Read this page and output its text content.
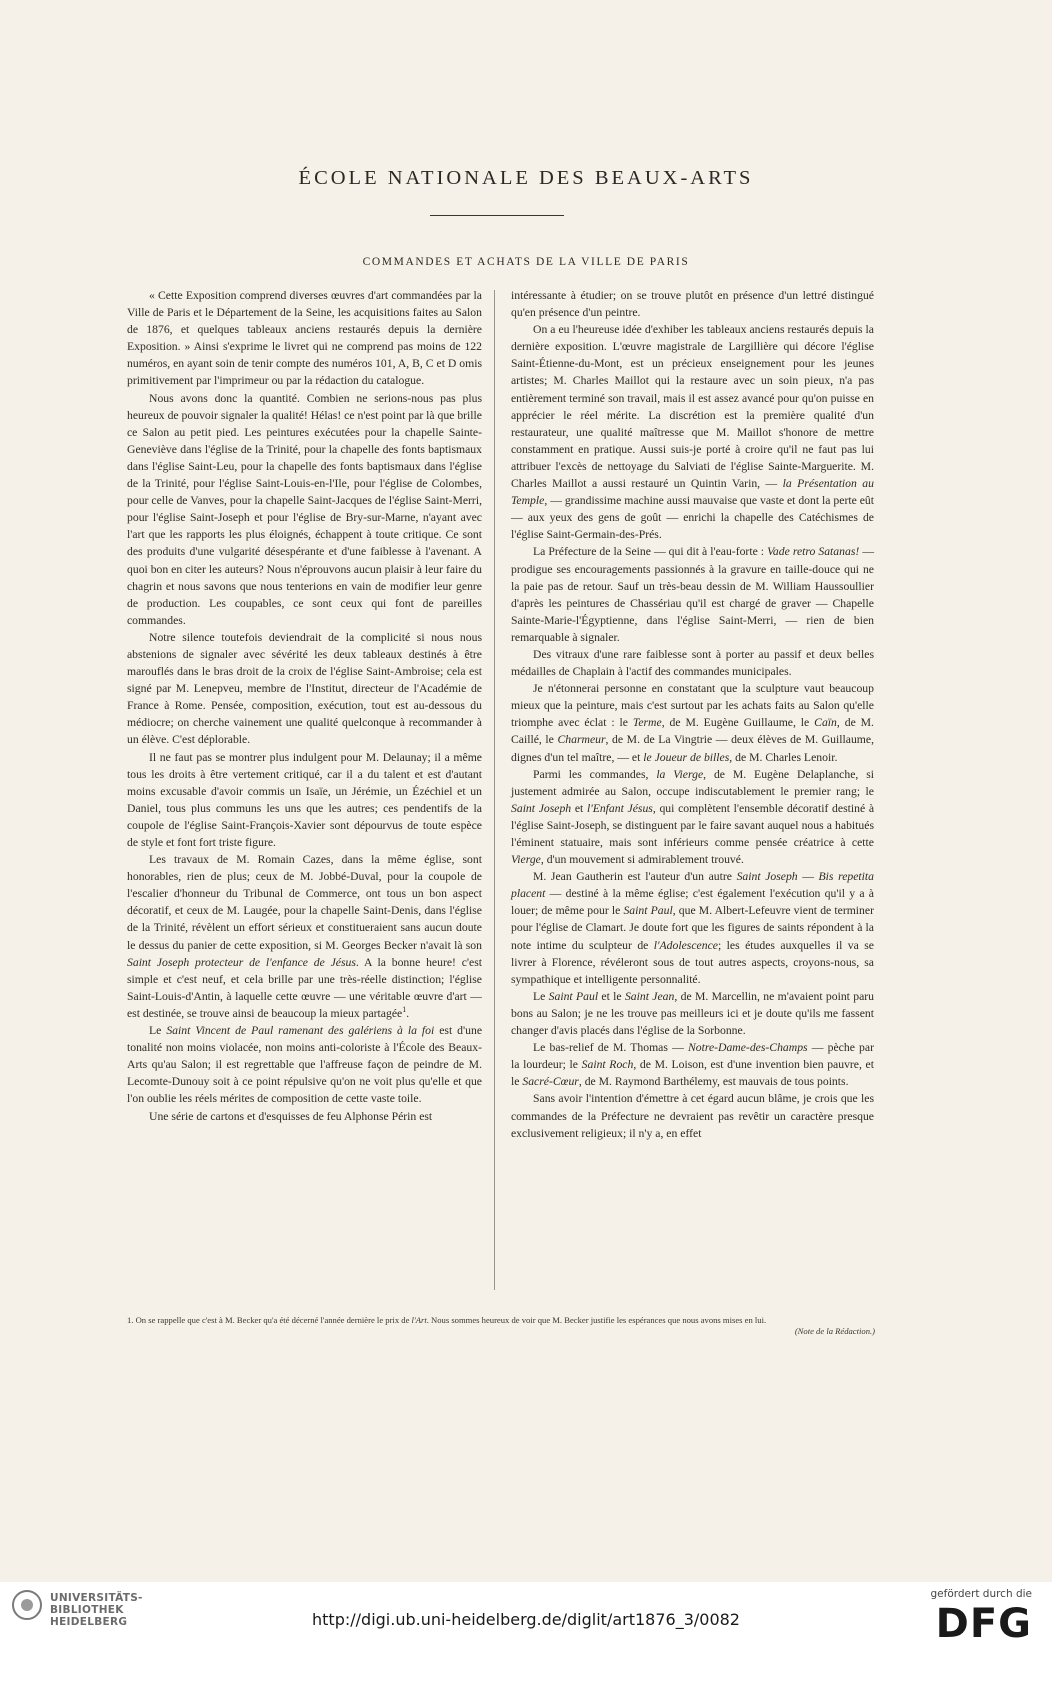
ÉCOLE NATIONALE DES BEAUX-ARTS
COMMANDES ET ACHATS DE LA VILLE DE PARIS

« Cette Exposition comprend diverses œuvres d'art commandées par la Ville de Paris et le Département de la Seine, les acquisitions faites au Salon de 1876, et quelques tableaux anciens restaurés depuis la dernière Exposition. » Ainsi s'exprime le livret qui ne comprend pas moins de 122 numéros, en ayant soin de tenir compte des numéros 101, A, B, C et D omis primitivement par l'imprimeur ou par la rédaction du catalogue.

Nous avons donc la quantité. Combien ne serions-nous pas plus heureux de pouvoir signaler la qualité! Hélas! ce n'est point par là que brille ce Salon au petit pied. Les peintures exécutées pour la chapelle Sainte-Geneviève dans l'église de la Trinité, pour la chapelle des fonts baptismaux dans l'église Saint-Leu, pour la chapelle des fonts baptismaux dans l'église de la Trinité, pour l'église Saint-Louis-en-l'Ile, pour l'église de Colombes, pour celle de Vanves, pour la chapelle Saint-Jacques de l'église Saint-Merri, pour l'église Saint-Joseph et pour l'église de Bry-sur-Marne, n'ayant avec l'art que les rapports les plus éloignés, échappent à toute critique. Ce sont des produits d'une vulgarité désespérante et d'une faiblesse à l'avenant. A quoi bon en citer les auteurs? Nous n'éprouvons aucun plaisir à leur faire du chagrin et nous savons que nous tenterions en vain de modifier leur genre de production. Les coupables, ce sont ceux qui font de pareilles commandes.

Notre silence toutefois deviendrait de la complicité si nous nous abstenions de signaler avec sévérité les deux tableaux destinés à être marouflés dans le bras droit de la croix de l'église Saint-Ambroise; cela est signé par M. Lenepveu, membre de l'Institut, directeur de l'Académie de France à Rome. Pensée, composition, exécution, tout est au-dessous du médiocre; on cherche vainement une qualité quelconque à recommander à un élève. C'est déplorable.

Il ne faut pas se montrer plus indulgent pour M. Delaunay; il a même tous les droits à être vertement critiqué, car il a du talent et est d'autant moins excusable d'avoir commis un Isaïe, un Jérémie, un Ézéchiel et un Daniel, tous plus communs les uns que les autres; ces pendentifs de la coupole de l'église Saint-François-Xavier sont dépourvus de toute espèce de style et font fort triste figure.

Les travaux de M. Romain Cazes, dans la même église, sont honorables, rien de plus; ceux de M. Jobbé-Duval, pour la coupole de l'escalier d'honneur du Tribunal de Commerce, ont tous un bon aspect décoratif, et ceux de M. Laugée, pour la chapelle Saint-Denis, dans l'église de la Trinité, révèlent un effort sérieux et constitueraient sans aucun doute le dessus du panier de cette exposition, si M. Georges Becker n'avait là son Saint Joseph protecteur de l'enfance de Jésus. A la bonne heure! c'est simple et c'est neuf, et cela brille par une très-réelle distinction; l'église Saint-Louis-d'Antin, à laquelle cette œuvre — une véritable œuvre d'art — est destinée, se trouve ainsi de beaucoup la mieux partagée$^1$.

Le Saint Vincent de Paul ramenant des galériens à la foi est d'une tonalité non moins violacée, non moins anti-coloriste à l'École des Beaux-Arts qu'au Salon; il est regrettable que l'affreuse façon de peindre de M. Lecomte-Dunouy soit à ce point répulsive qu'on ne voit plus qu'elle et que l'on oublie les réels mérites de composition de cette vaste toile.

Une série de cartons et d'esquisses de feu Alphonse Périn est

intéressante à étudier; on se trouve plutôt en présence d'un lettré distingué qu'en présence d'un peintre.

On a eu l'heureuse idée d'exhiber les tableaux anciens restaurés depuis la dernière exposition. L'œuvre magistrale de Largillière qui décore l'église Saint-Étienne-du-Mont, est un précieux enseignement pour les jeunes artistes; M. Charles Maillot qui la restaure avec un soin pieux, n'a pas entièrement terminé son travail, mais il est assez avancé pour qu'on puisse en apprécier le réel mérite. La discrétion est la première qualité d'un restaurateur, une qualité maîtresse que M. Maillot s'honore de mettre constamment en pratique. Aussi suis-je porté à croire qu'il ne faut pas lui attribuer l'excès de nettoyage du Salviati de l'église Sainte-Marguerite. M. Charles Maillot a aussi restauré un Quintin Varin, — la Présentation au Temple, — grandissime machine aussi mauvaise que vaste et dont la perte eût — aux yeux des gens de goût — enrichi la chapelle des Catéchismes de l'église Saint-Germain-des-Prés.

La Préfecture de la Seine — qui dit à l'eau-forte : Vade retro Satanas! — prodigue ses encouragements passionnés à la gravure en taille-douce qui ne la paie pas de retour. Sauf un très-beau dessin de M. William Haussoullier d'après les peintures de Chassériau qu'il est chargé de graver — Chapelle Sainte-Marie-l'Égyptienne, dans l'église Saint-Merri, — rien de bien remarquable à signaler.

Des vitraux d'une rare faiblesse sont à porter au passif et deux belles médailles de Chaplain à l'actif des commandes municipales.

Je n'étonnerai personne en constatant que la sculpture vaut beaucoup mieux que la peinture, mais c'est surtout par les achats faits au Salon qu'elle triomphe avec éclat : le Terme, de M. Eugène Guillaume, le Caïn, de M. Caillé, le Charmeur, de M. de La Vingtrie — deux élèves de M. Guillaume, dignes d'un tel maître, — et le Joueur de billes, de M. Charles Lenoir.

Parmi les commandes, la Vierge, de M. Eugène Delaplanche, si justement admirée au Salon, occupe indiscutablement le premier rang; le Saint Joseph et l'Enfant Jésus, qui complètent l'ensemble décoratif destiné à l'église Saint-Joseph, se distinguent par le faire savant auquel nous a habitués l'éminent statuaire, mais sont inférieurs comme pensée créatrice à cette Vierge, d'un mouvement si admirablement trouvé.

M. Jean Gautherin est l'auteur d'un autre Saint Joseph — Bis repetita placent — destiné à la même église; c'est également l'exécution qu'il y a à louer; de même pour le Saint Paul, que M. Albert-Lefeuvre vient de terminer pour l'église de Clamart. Je doute fort que les figures de saints répondent à la note intime du sculpteur de l'Adolescence; les études auxquelles il va se livrer à Florence, révéleront sous de tout autres aspects, croyons-nous, sa sympathique et intelligente personnalité.

Le Saint Paul et le Saint Jean, de M. Marcellin, ne m'avaient point paru bons au Salon; je ne les trouve pas meilleurs ici et je doute qu'ils me fassent changer d'avis placés dans l'église de la Sorbonne.

Le bas-relief de M. Thomas — Notre-Dame-des-Champs — pèche par la lourdeur; le Saint Roch, de M. Loison, est d'une invention bien pauvre, et le Sacré-Cœur, de M. Raymond Barthélemy, est mauvais de tous points.

Sans avoir l'intention d'émettre à cet égard aucun blâme, je crois que les commandes de la Préfecture ne devraient pas revêtir un caractère presque exclusivement religieux; il n'y a, en effet

1. On se rappelle que c'est à M. Becker qu'a été décerné l'année dernière le prix de l'Art. Nous sommes heureux de voir que M. Becker justifie les espérances que nous avons mises en lui.
(Note de la Rédaction.)
UNIVERSITÄTS-
BIBLIOTHEK
HEIDELBERG	http://digi.ub.uni-heidelberg.de/diglit/art1876_3/0082
gefördert durch die
DFG
